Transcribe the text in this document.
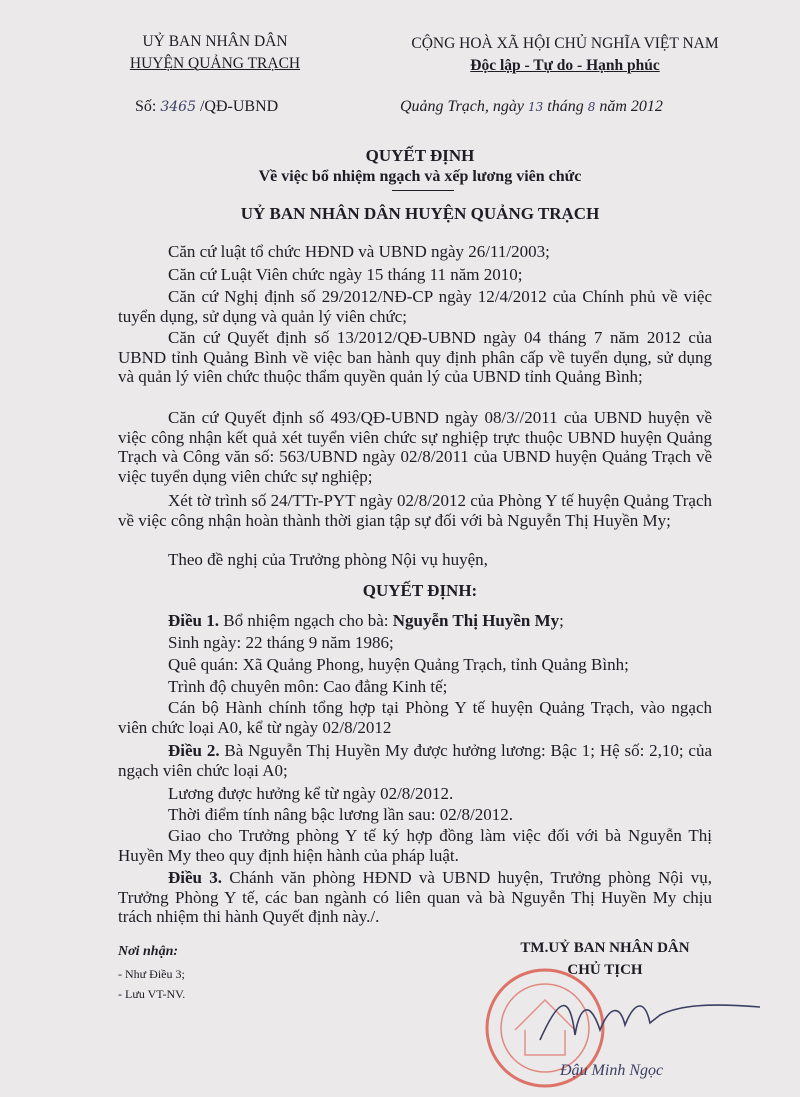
UỶ BAN NHÂN DÂN
HUYỆN QUẢNG TRẠCH
CỘNG HOÀ XÃ HỘI CHỦ NGHĨA VIỆT NAM
Độc lập - Tự do - Hạnh phúc
Số: 3465 /QĐ-UBND	Quảng Trạch, ngày 13 tháng 8 năm 2012
QUYẾT ĐỊNH
Về việc bổ nhiệm ngạch và xếp lương viên chức
UỶ BAN NHÂN DÂN HUYỆN QUẢNG TRẠCH
Căn cứ luật tổ chức HĐND và UBND ngày 26/11/2003;
Căn cứ Luật Viên chức ngày 15 tháng 11 năm 2010;
Căn cứ Nghị định số 29/2012/NĐ-CP ngày 12/4/2012 của Chính phủ về việc tuyển dụng, sử dụng và quản lý viên chức;
Căn cứ Quyết định số 13/2012/QĐ-UBND ngày 04 tháng 7 năm 2012 của UBND tỉnh Quảng Bình về việc ban hành quy định phân cấp về tuyển dụng, sử dụng và quản lý viên chức thuộc thẩm quyền quản lý của UBND tỉnh Quảng Bình;
Căn cứ Quyết định số 493/QĐ-UBND ngày 08/3//2011 của UBND huyện về việc công nhận kết quả xét tuyển viên chức sự nghiệp trực thuộc UBND huyện Quảng Trạch và Công văn số: 563/UBND ngày 02/8/2011 của UBND huyện Quảng Trạch về việc tuyển dụng viên chức sự nghiệp;
Xét tờ trình số 24/TTr-PYT ngày 02/8/2012 của Phòng Y tế huyện Quảng Trạch về việc công nhận hoàn thành thời gian tập sự đối với bà Nguyễn Thị Huyền My;
Theo đề nghị của Trưởng phòng Nội vụ huyện,
QUYẾT ĐỊNH:
Điều 1. Bổ nhiệm ngạch cho bà: Nguyễn Thị Huyền My;
Sinh ngày: 22 tháng 9 năm 1986;
Quê quán: Xã Quảng Phong, huyện Quảng Trạch, tỉnh Quảng Bình;
Trình độ chuyên môn: Cao đẳng Kinh tế;
Cán bộ Hành chính tổng hợp tại Phòng Y tế huyện Quảng Trạch, vào ngạch viên chức loại A0, kể từ ngày 02/8/2012
Điều 2. Bà Nguyễn Thị Huyền My được hưởng lương: Bậc 1; Hệ số: 2,10; của ngạch viên chức loại A0;
Lương được hưởng kể từ ngày 02/8/2012.
Thời điểm tính nâng bậc lương lần sau: 02/8/2012.
Giao cho Trưởng phòng Y tế ký hợp đồng làm việc đối với bà Nguyễn Thị Huyền My theo quy định hiện hành của pháp luật.
Điều 3. Chánh văn phòng HĐND và UBND huyện, Trưởng phòng Nội vụ, Trưởng Phòng Y tế, các ban ngành có liên quan và bà Nguyễn Thị Huyền My chịu trách nhiệm thi hành Quyết định này./.
Nơi nhận:
- Như Điều 3;
- Lưu VT-NV.
TM.UỶ BAN NHÂN DÂN
CHỦ TỊCH
Đậu Minh Ngọc
